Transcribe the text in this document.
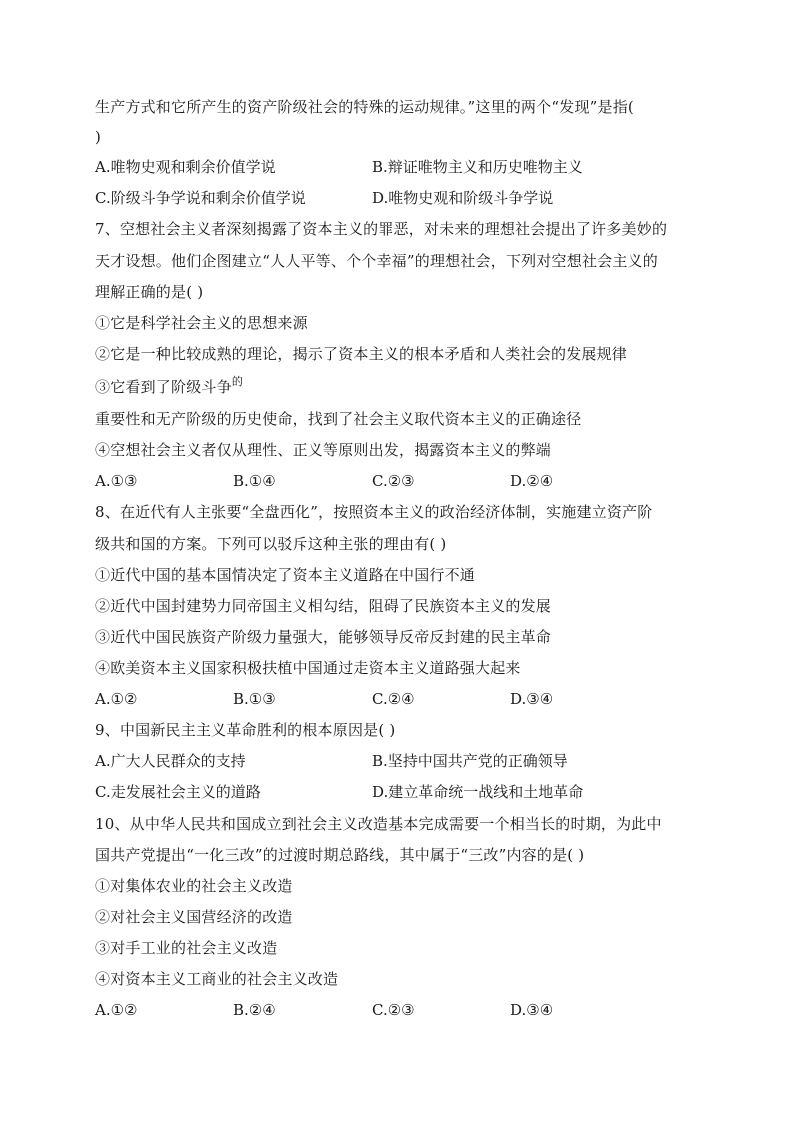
生产方式和它所产生的资产阶级社会的特殊的运动规律。”这里的两个“发现”是指(
)
A.唯物史观和剩余价值学说	B.辩证唯物主义和历史唯物主义
C.阶级斗争学说和剩余价值学说	D.唯物史观和阶级斗争学说
7、空想社会主义者深刻揭露了资本主义的罪恶，对未来的理想社会提出了许多美妙的
天才设想。他们企图建立“人人平等、个个幸福”的理想社会，下列对空想社会主义的
理解正确的是( )
①它是科学社会主义的思想来源
②它是一种比较成熟的理论，揭示了资本主义的根本矛盾和人类社会的发展规律
③它看到了阶级斗争$^的$
重要性和无产阶级的历史使命，找到了社会主义取代资本主义的正确途径
④空想社会主义者仅从理性、正义等原则出发，揭露资本主义的弊端
A.①③	B.①④	C.②③	D.②④
8、在近代有人主张要“全盘西化”，按照资本主义的政治经济体制，实施建立资产阶
级共和国的方案。下列可以驳斥这种主张的理由有( )
①近代中国的基本国情决定了资本主义道路在中国行不通
②近代中国封建势力同帝国主义相勾结，阻碍了民族资本主义的发展
③近代中国民族资产阶级力量强大，能够领导反帝反封建的民主革命
④欧美资本主义国家积极扶植中国通过走资本主义道路强大起来
A.①②	B.①③	C.②④	D.③④
9、中国新民主主义革命胜利的根本原因是( )
A.广大人民群众的支持	B.坚持中国共产党的正确领导
C.走发展社会主义的道路	D.建立革命统一战线和土地革命
10、从中华人民共和国成立到社会主义改造基本完成需要一个相当长的时期，为此中
国共产党提出“一化三改”的过渡时期总路线，其中属于“三改”内容的是( )
①对集体农业的社会主义改造
②对社会主义国营经济的改造
③对手工业的社会主义改造
④对资本主义工商业的社会主义改造
A.①②	B.②④	C.②③	D.③④
